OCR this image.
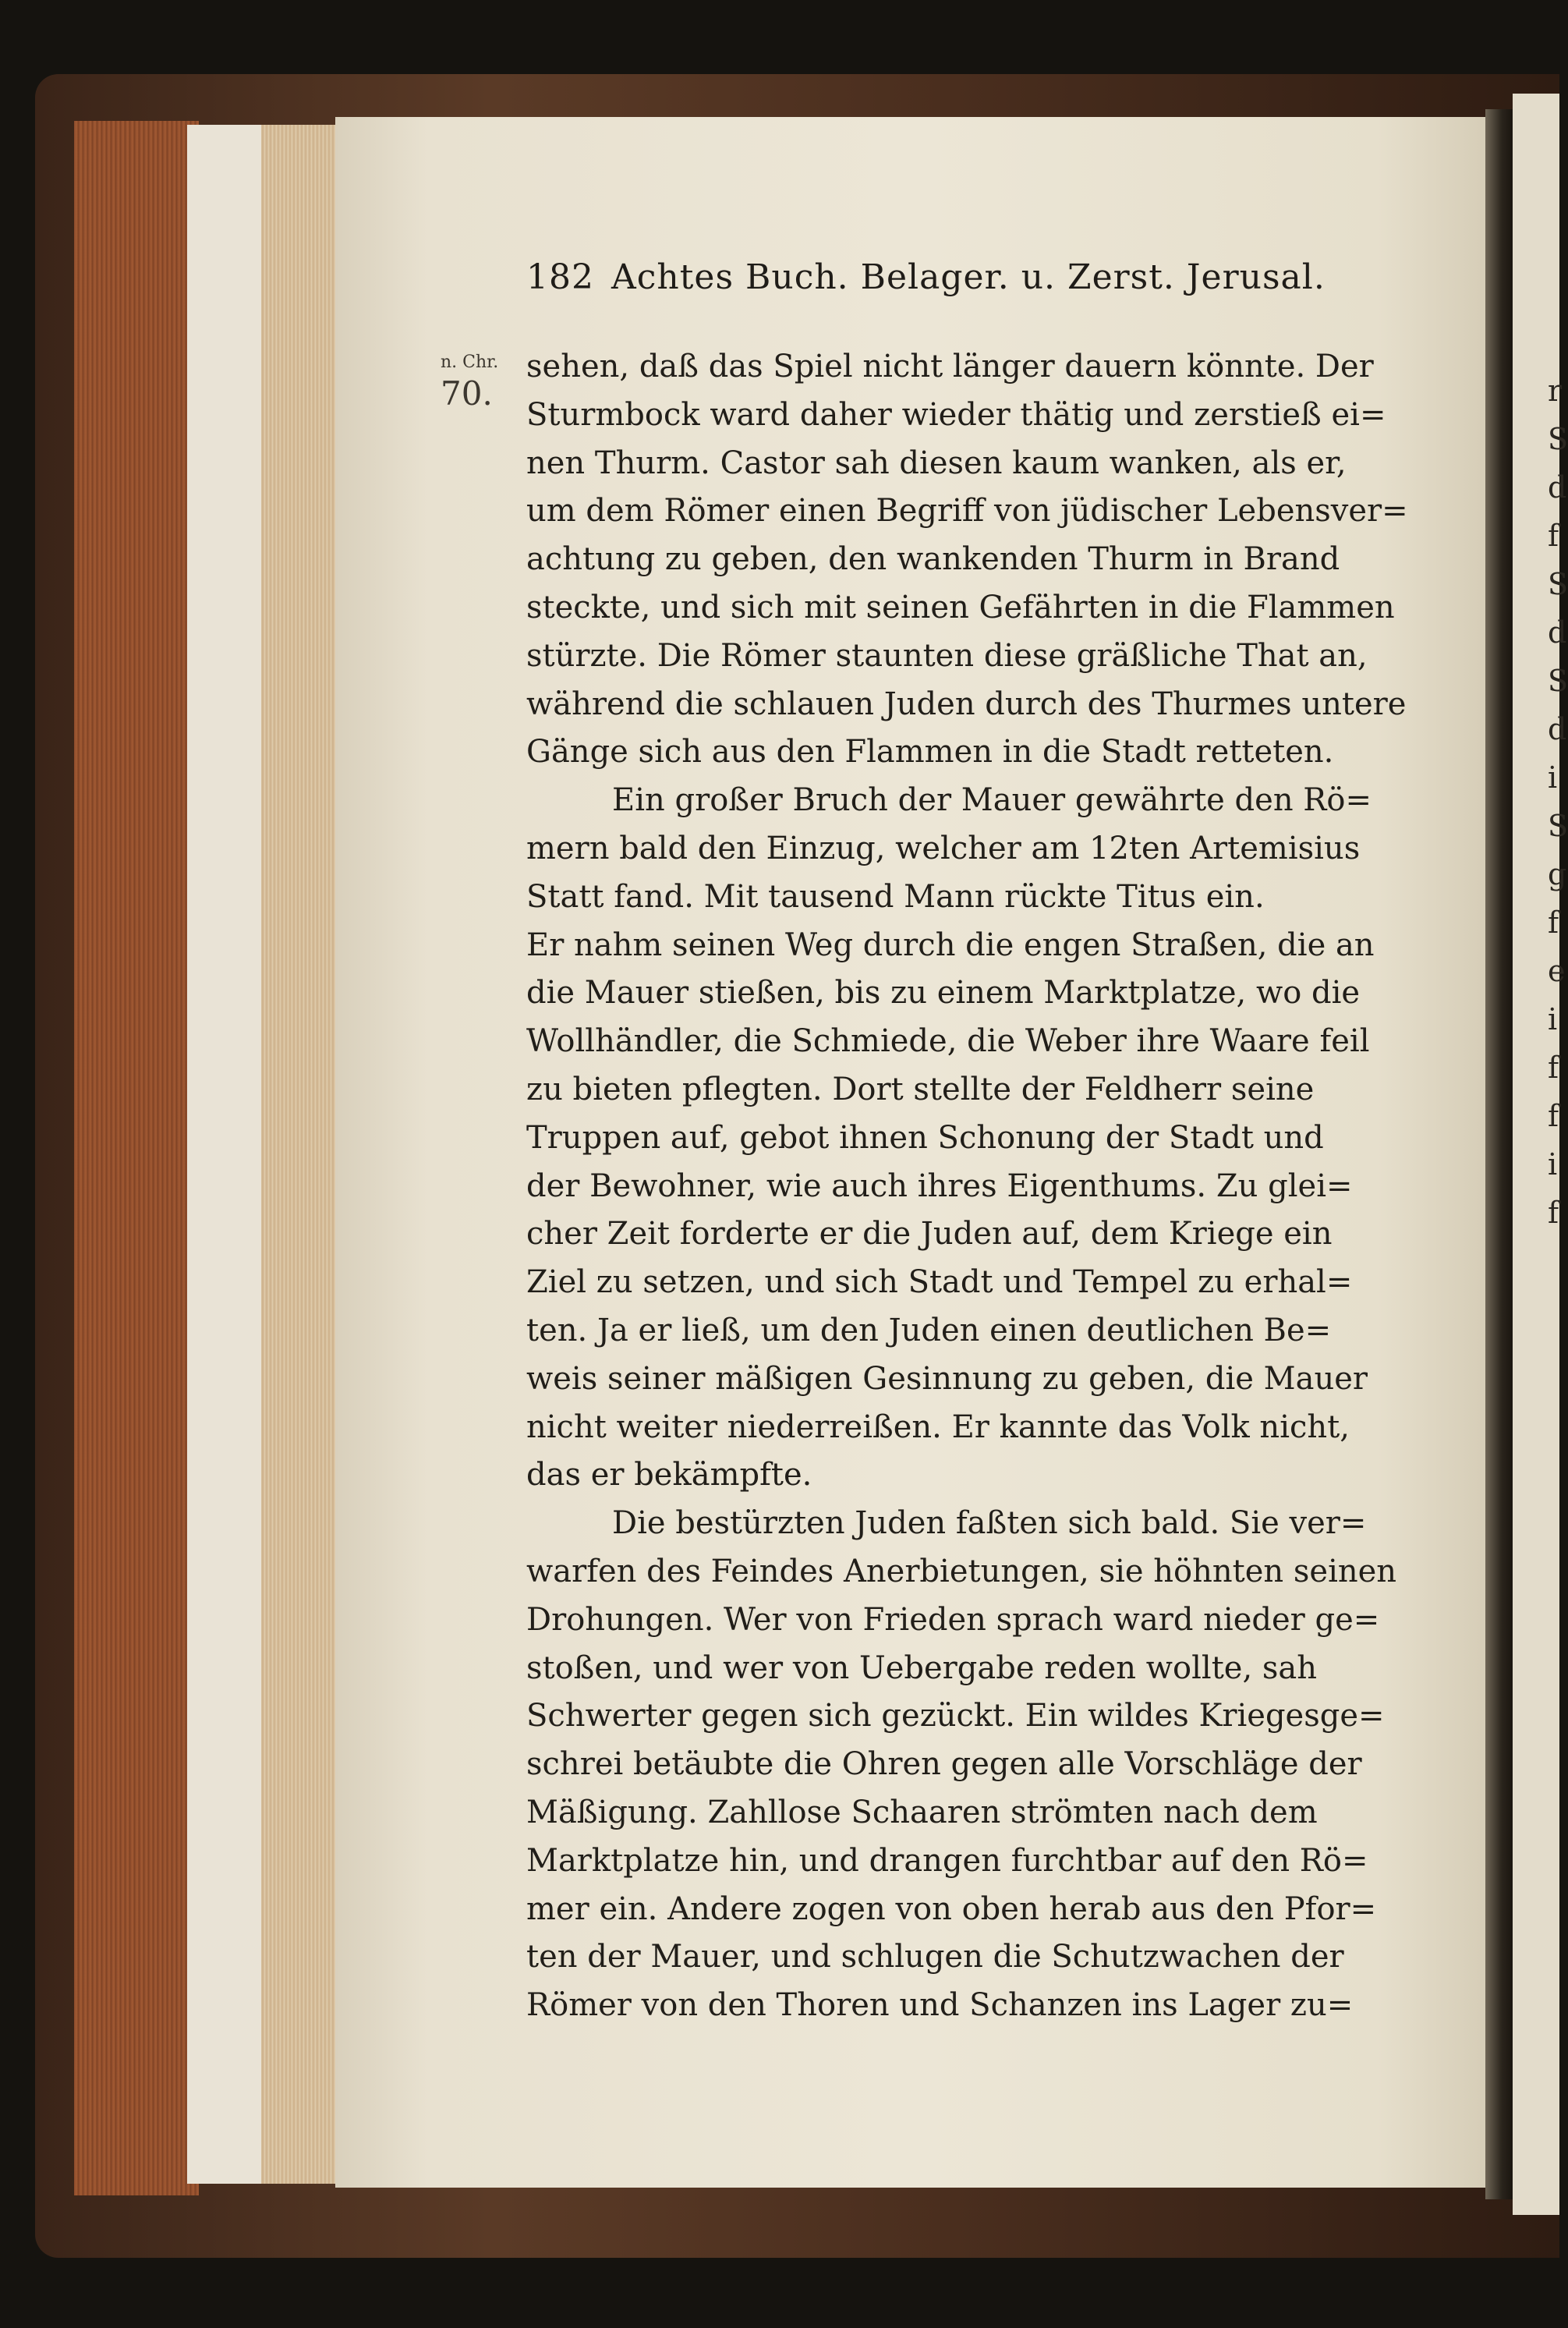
r
S
d
f
S
d
S
d
i
S
g
f
e
i
f
f
i
f
182 Achtes Buch. Belager. u. Zerst. Jerusal.
n. Chr.
70.
sehen, daß das Spiel nicht länger dauern könnte. Der
Sturmbock ward daher wieder thätig und zerstieß ei=
nen Thurm. Castor sah diesen kaum wanken, als er,
um dem Römer einen Begriff von jüdischer Lebensver=
achtung zu geben, den wankenden Thurm in Brand
steckte, und sich mit seinen Gefährten in die Flammen
stürzte. Die Römer staunten diese gräßliche That an,
während die schlauen Juden durch des Thurmes untere
Gänge sich aus den Flammen in die Stadt retteten.
Ein großer Bruch der Mauer gewährte den Rö=
mern bald den Einzug, welcher am 12ten Artemisius
Statt fand. Mit tausend Mann rückte Titus ein.
Er nahm seinen Weg durch die engen Straßen, die an
die Mauer stießen, bis zu einem Marktplatze, wo die
Wollhändler, die Schmiede, die Weber ihre Waare feil
zu bieten pflegten. Dort stellte der Feldherr seine
Truppen auf, gebot ihnen Schonung der Stadt und
der Bewohner, wie auch ihres Eigenthums. Zu glei=
cher Zeit forderte er die Juden auf, dem Kriege ein
Ziel zu setzen, und sich Stadt und Tempel zu erhal=
ten. Ja er ließ, um den Juden einen deutlichen Be=
weis seiner mäßigen Gesinnung zu geben, die Mauer
nicht weiter niederreißen. Er kannte das Volk nicht,
das er bekämpfte.
Die bestürzten Juden faßten sich bald. Sie ver=
warfen des Feindes Anerbietungen, sie höhnten seinen
Drohungen. Wer von Frieden sprach ward nieder ge=
stoßen, und wer von Uebergabe reden wollte, sah
Schwerter gegen sich gezückt. Ein wildes Kriegesge=
schrei betäubte die Ohren gegen alle Vorschläge der
Mäßigung. Zahllose Schaaren strömten nach dem
Marktplatze hin, und drangen furchtbar auf den Rö=
mer ein. Andere zogen von oben herab aus den Pfor=
ten der Mauer, und schlugen die Schutzwachen der
Römer von den Thoren und Schanzen ins Lager zu=
